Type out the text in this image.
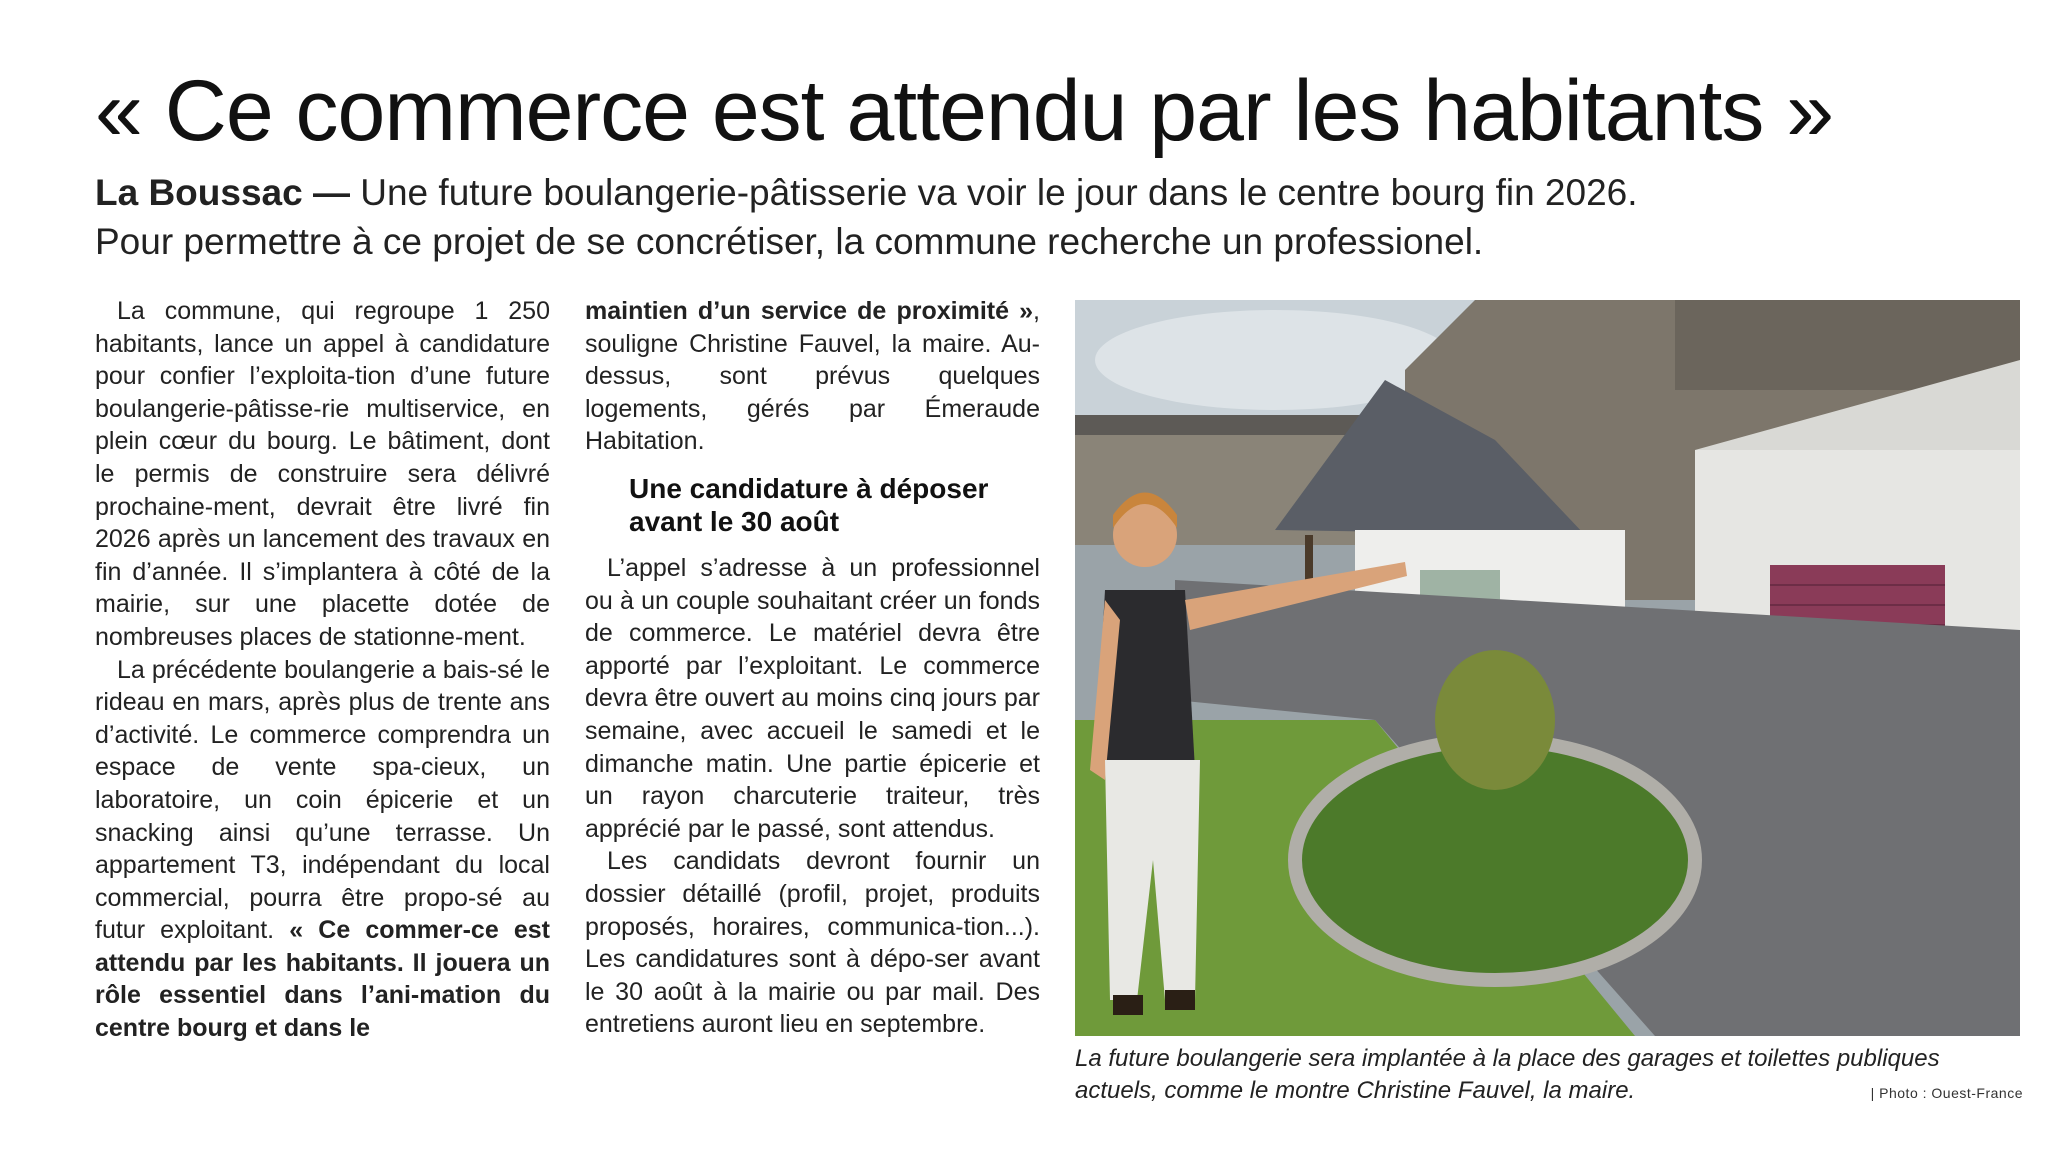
« Ce commerce est attendu par les habitants »
La Boussac — Une future boulangerie-pâtisserie va voir le jour dans le centre bourg fin 2026.
Pour permettre à ce projet de se concrétiser, la commune recherche un professionel.

La commune, qui regroupe 1 250 habitants, lance un appel à candidature pour confier l’exploita-tion d’une future boulangerie-pâtisse-rie multiservice, en plein cœur du bourg. Le bâtiment, dont le permis de construire sera délivré prochaine-ment, devrait être livré fin 2026 après un lancement des travaux en fin d’année. Il s’implantera à côté de la mairie, sur une placette dotée de nombreuses places de stationne-ment.

La précédente boulangerie a bais-sé le rideau en mars, après plus de trente ans d’activité. Le commerce comprendra un espace de vente spa-cieux, un laboratoire, un coin épicerie et un snacking ainsi qu’une terrasse. Un appartement T3, indépendant du local commercial, pourra être propo-sé au futur exploitant. « Ce commer-ce est attendu par les habitants. Il jouera un rôle essentiel dans l’ani-mation du centre bourg et dans le

maintien d’un service de proximité », souligne Christine Fauvel, la maire. Au-dessus, sont prévus quelques logements, gérés par Émeraude Habitation.

Une candidature à déposer
avant le 30 août

L’appel s’adresse à un professionnel ou à un couple souhaitant créer un fonds de commerce. Le matériel devra être apporté par l’exploitant. Le commerce devra être ouvert au moins cinq jours par semaine, avec accueil le samedi et le dimanche matin. Une partie épicerie et un rayon charcuterie traiteur, très apprécié par le passé, sont attendus.

Les candidats devront fournir un dossier détaillé (profil, projet, produits proposés, horaires, communica-tion...). Les candidatures sont à dépo-ser avant le 30 août à la mairie ou par mail. Des entretiens auront lieu en septembre.

La future boulangerie sera implantée à la place des garages et toilettes publiques actuels, comme le montre Christine Fauvel, la maire.	| Photo : Ouest-France
